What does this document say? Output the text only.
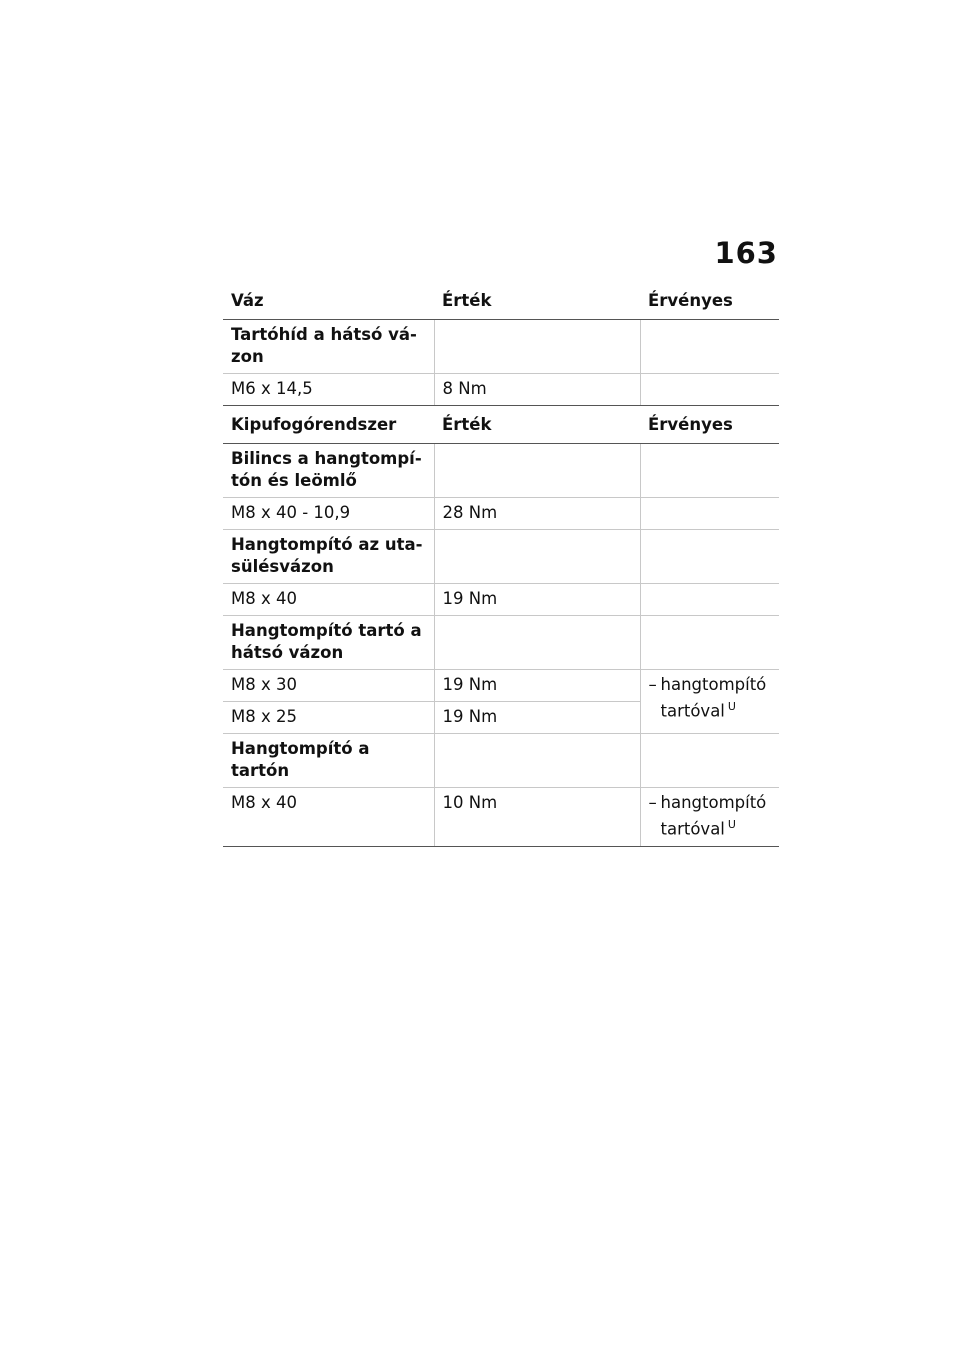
163
Váz	Érték	Érvényes
Tartóhíd a hátsó vá-
zon		
M6 x 14,5	8 Nm	
Kipufogórendszer	Érték	Érvényes
Bilincs a hangtompí-
tón és leömlő		
M8 x 40 - 10,9	28 Nm	
Hangtompító az uta-
sülésvázon		
M8 x 40	19 Nm	
Hangtompító tartó a
hátsó vázon		
M8 x 30	19 Nm	– hangtompító tartóval $^U$

M8 x 25	19 Nm	
Hangtompító a tartón		
M8 x 40	10 Nm	– hangtompító tartóval $^U$
